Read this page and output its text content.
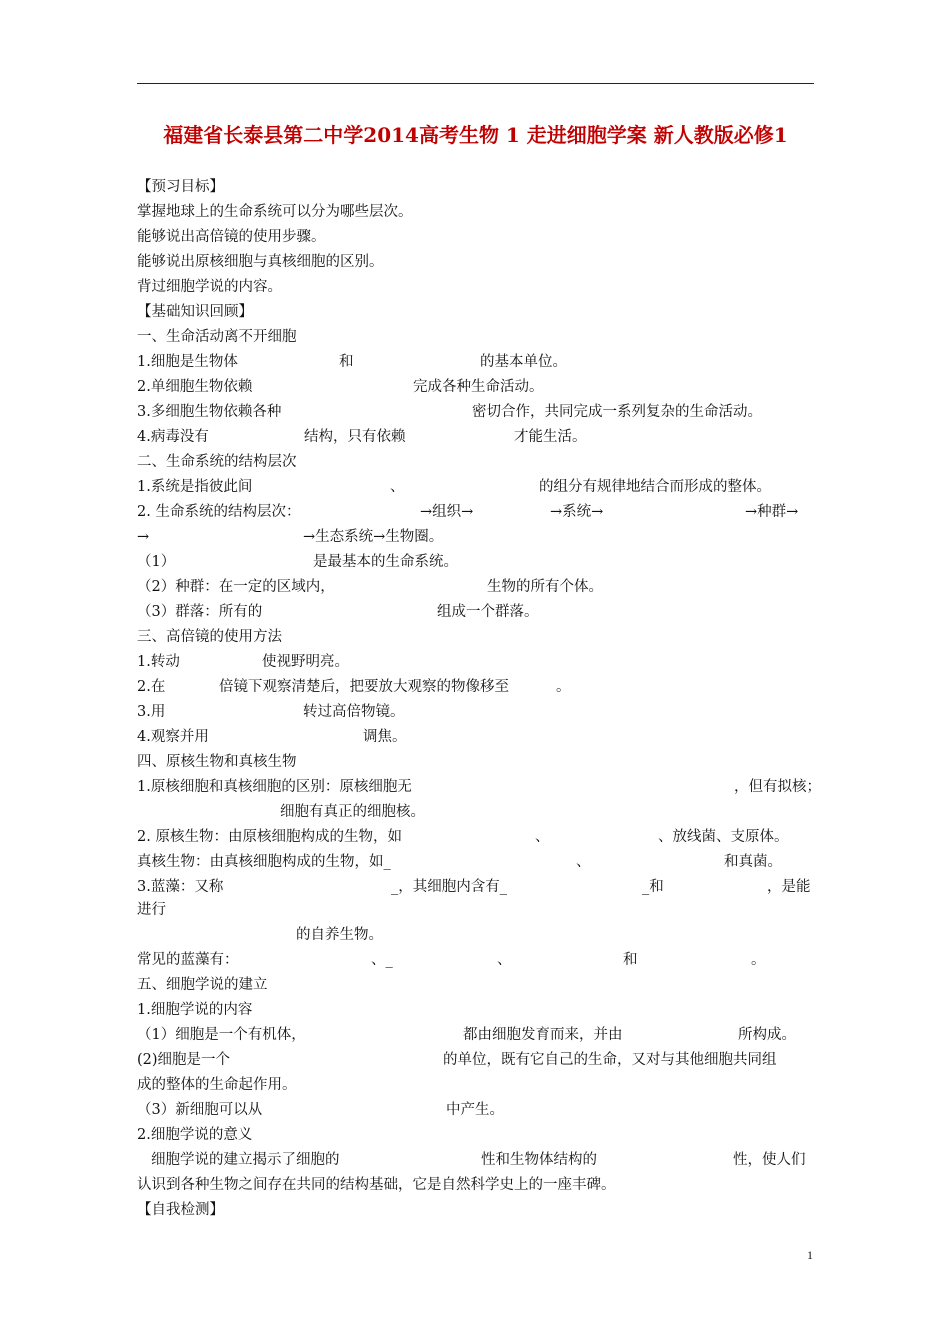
福建省长泰县第二中学2014高考生物 1 走进细胞学案 新人教版必修1
【预习目标】
掌握地球上的生命系统可以分为哪些层次。
能够说出高倍镜的使用步骤。
能够说出原核细胞与真核细胞的区别。
背过细胞学说的内容。
【基础知识回顾】
一、生命活动离不开细胞
1.细胞是生物体	和	的基本单位。
2.单细胞生物依赖	完成各种生命活动。
3.多细胞生物依赖各种	密切合作，共同完成一系列复杂的生命活动。
4.病毒没有	结构，只有依赖	才能生活。
二、生命系统的结构层次
1.系统是指彼此间	、	的组分有规律地结合而形成的整体。
2. 生命系统的结构层次：	→组织→	→系统→	→种群→
→	→生态系统→生物圈。
（1）	是最基本的生命系统。
（2）种群：在一定的区域内，	生物的所有个体。
（3）群落：所有的	组成一个群落。
三、高倍镜的使用方法
1.转动	使视野明亮。
2.在	倍镜下观察清楚后，把要放大观察的物像移至	。
3.用	转过高倍物镜。
4.观察并用	调焦。
四、原核生物和真核生物
1.原核细胞和真核细胞的区别：原核细胞无	，但有拟核；
细胞有真正的细胞核。
2. 原核生物：由原核细胞构成的生物，如	、	、放线菌、支原体。
真核生物：由真核细胞构成的生物，如_	、	和真菌。
3.蓝藻：又称	_，其细胞内含有_	_和	，是能
进行
的自养生物。
常见的蓝藻有：	、_	、	和	。
五、细胞学说的建立
1.细胞学说的内容
（1）细胞是一个有机体，	都由细胞发育而来，并由	所构成。
(2)细胞是一个	的单位，既有它自己的生命，又对与其他细胞共同组
成的整体的生命起作用。
（3）新细胞可以从	中产生。
2.细胞学说的意义
细胞学说的建立揭示了细胞的	性和生物体结构的	性，使人们
认识到各种生物之间存在共同的结构基础，它是自然科学史上的一座丰碑。
【自我检测】
1
